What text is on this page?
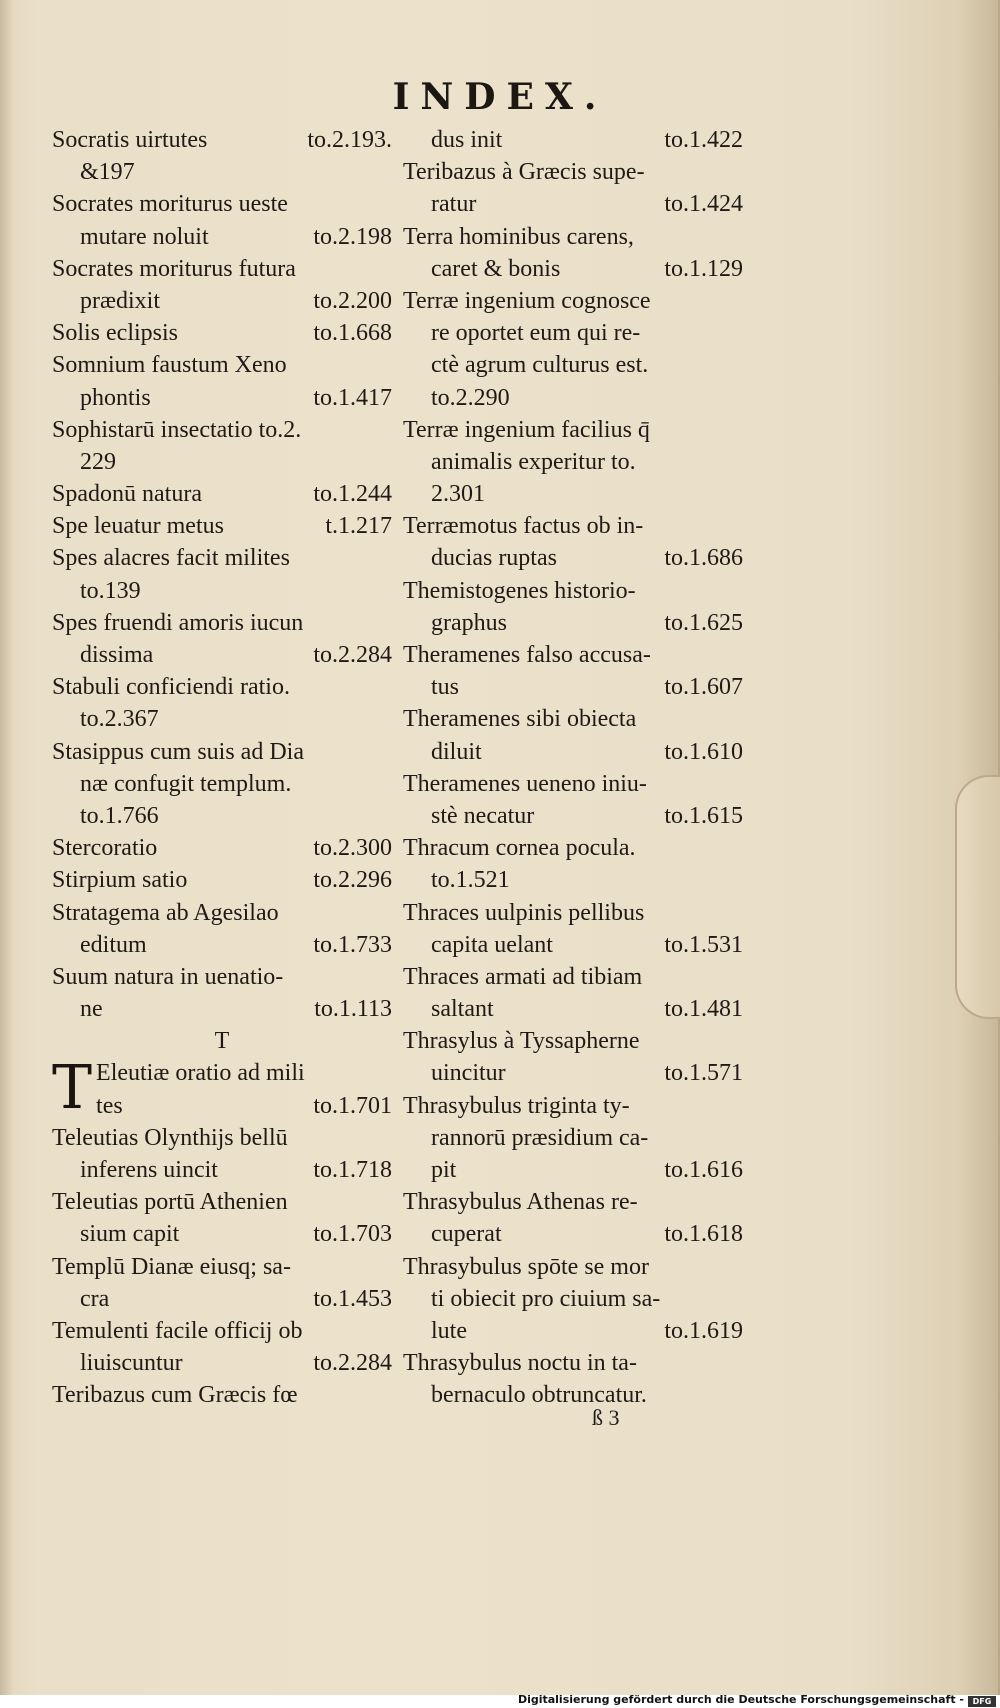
INDEX.
Socratis uirtutes	to.2.193.
&197
Socrates moriturus ueste
mutare noluit	to.2.198
Socrates moriturus futura
prædixit	to.2.200
Solis eclipsis	to.1.668
Somnium faustum Xeno
phontis	to.1.417
Sophistarū insectatio to.2.
229
Spadonū natura	to.1.244
Spe leuatur metus	t.1.217
Spes alacres facit milites
to.139
Spes fruendi amoris iucun
dissima	to.2.284
Stabuli conficiendi ratio.
to.2.367
Stasippus cum suis ad Dia
næ confugit templum.
to.1.766
Stercoratio	to.2.300
Stirpium satio	to.2.296
Stratagema ab Agesilao
editum	to.1.733
Suum natura in uenatio-
ne	to.1.113
T
T Eleutiæ oratio ad mili
tes	to.1.701
Teleutias Olynthijs bellū
inferens uincit	to.1.718
Teleutias portū Athenien
sium capit	to.1.703
Templū Dianæ eiusq; sa-
cra	to.1.453
Temulenti facile officij ob
liuiscuntur	to.2.284
Teribazus cum Græcis fœ
dus init	to.1.422
Teribazus à Græcis supe-
ratur	to.1.424
Terra hominibus carens,
caret & bonis	to.1.129
Terræ ingenium cognosce
re oportet eum qui re-
ctè agrum culturus est.
to.2.290
Terræ ingenium facilius q̄
animalis experitur to.
2.301
Terræmotus factus ob in-
ducias ruptas	to.1.686
Themistogenes historio-
graphus	to.1.625
Theramenes falso accusa-
tus	to.1.607
Theramenes sibi obiecta
diluit	to.1.610
Theramenes ueneno iniu-
stè necatur	to.1.615
Thracum cornea pocula.
to.1.521
Thraces uulpinis pellibus
capita uelant	to.1.531
Thraces armati ad tibiam
saltant	to.1.481
Thrasylus à Tyssapherne
uincitur	to.1.571
Thrasybulus triginta ty-
rannorū præsidium ca-
pit	to.1.616
Thrasybulus Athenas re-
cuperat	to.1.618
Thrasybulus spōte se mor
ti obiecit pro ciuium sa-
lute	to.1.619
Thrasybulus noctu in ta-
bernaculo obtruncatur.
ß 3
Digitalisierung gefördert durch die Deutsche Forschungsgemeinschaft -	DFG
